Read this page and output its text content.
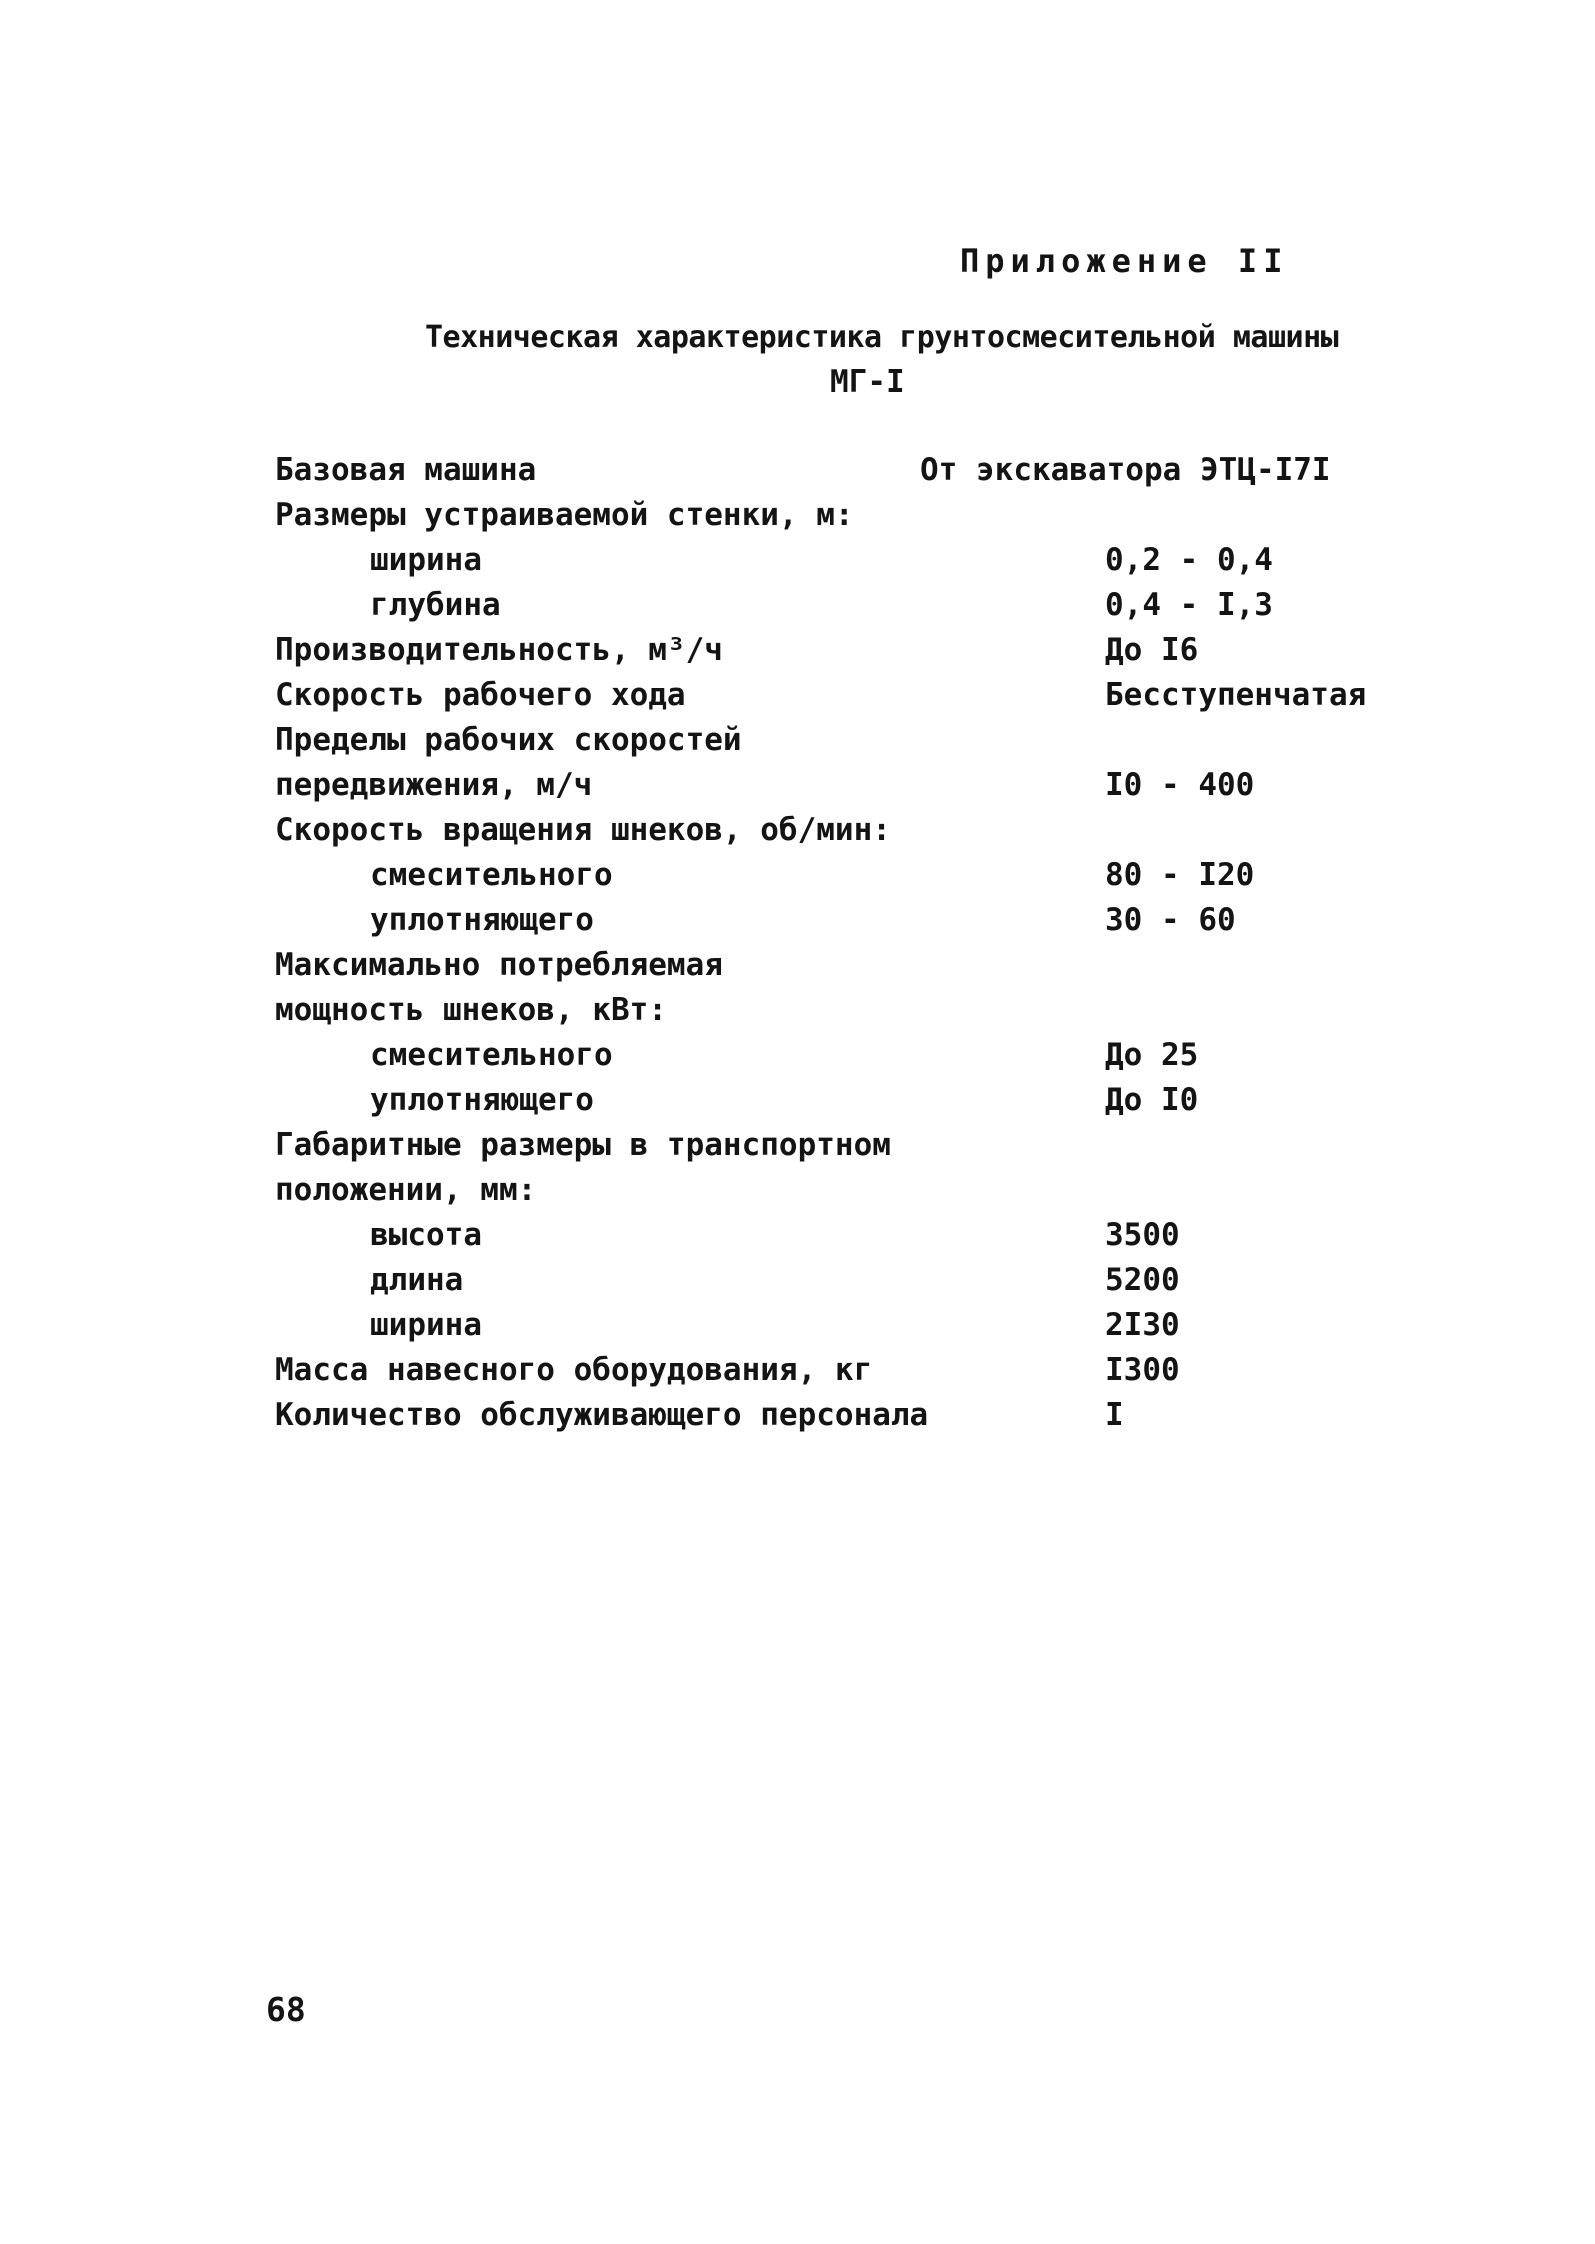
Приложение II
Техническая характеристика грунтосмесительной машины
МГ-I
Базовая машина	От экскаватора ЭТЦ-I7I
Размеры устраиваемой стенки, м:
ширина	0,2 - 0,4
глубина	0,4 - I,3
Производительность, м³/ч	До I6
Скорость рабочего хода	Бесступенчатая
Пределы рабочих скоростей
передвижения, м/ч	I0 - 400
Скорость вращения шнеков, об/мин:
смесительного	80 - I20
уплотняющего	30 - 60
Максимально потребляемая
мощность шнеков, кВт:
смесительного	До 25
уплотняющего	До I0
Габаритные размеры в транспортном
положении, мм:
высота	3500
длина	5200
ширина	2I30
Масса навесного оборудования, кг	I300
Количество обслуживающего персонала	I
68
